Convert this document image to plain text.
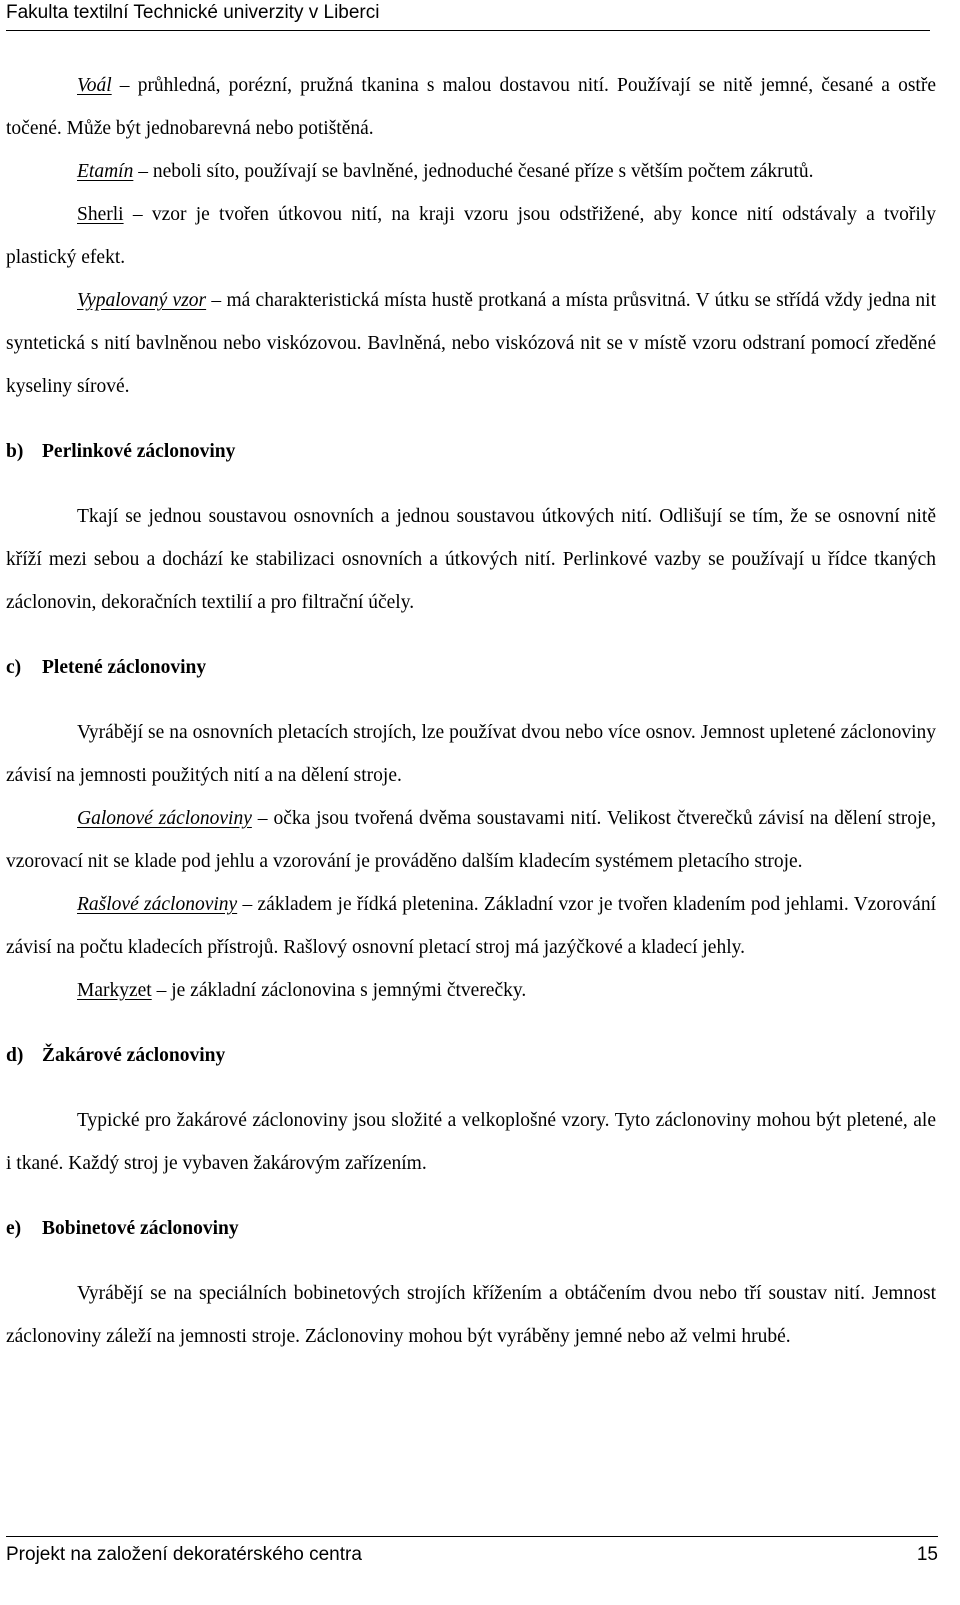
Fakulta textilní Technické univerzity v Liberci

Voál – průhledná, porézní, pružná tkanina s malou dostavou nití. Používají se nitě jemné, česané a ostře točené. Může být jednobarevná nebo potištěná.

Etamín – neboli síto, používají se bavlněné, jednoduché česané příze s větším počtem zákrutů.

Sherli – vzor je tvořen útkovou nití, na kraji vzoru jsou odstřižené, aby konce nití odstávaly a tvořily plastický efekt.

Vypalovaný vzor – má charakteristická místa hustě protkaná a místa průsvitná. V útku se střídá vždy jedna nit syntetická s nití bavlněnou nebo viskózovou. Bavlněná, nebo viskózová nit se v místě vzoru odstraní pomocí zředěné kyseliny sírové.

b) Perlinkové záclonoviny

Tkají se jednou soustavou osnovních a jednou soustavou útkových nití. Odlišují se tím, že se osnovní nitě kříží mezi sebou a dochází ke stabilizaci osnovních a útkových nití. Perlinkové vazby se používají u řídce tkaných záclonovin, dekoračních textilií a pro filtrační účely.

c) Pletené záclonoviny

Vyrábějí se na osnovních pletacích strojích, lze používat dvou nebo více osnov. Jemnost upletené záclonoviny závisí na jemnosti použitých nití a na dělení stroje.

Galonové záclonoviny – očka jsou tvořená dvěma soustavami nití. Velikost čtverečků závisí na dělení stroje, vzorovací nit se klade pod jehlu a vzorování je prováděno dalším kladecím systémem pletacího stroje.

Rašlové záclonoviny – základem je řídká pletenina. Základní vzor je tvořen kladením pod jehlami. Vzorování závisí na počtu kladecích přístrojů. Rašlový osnovní pletací stroj má jazýčkové a kladecí jehly.

Markyzet – je základní záclonovina s jemnými čtverečky.

d) Žakárové záclonoviny

Typické pro žakárové záclonoviny jsou složité a velkoplošné vzory. Tyto záclonoviny mohou být pletené, ale i tkané. Každý stroj je vybaven žakárovým zařízením.

e) Bobinetové záclonoviny

Vyrábějí se na speciálních bobinetových strojích křížením a obtáčením dvou nebo tří soustav nití. Jemnost záclonoviny záleží na jemnosti stroje. Záclonoviny mohou být vyráběny jemné nebo až velmi hrubé.

Projekt na založení dekoratérského centra	15
